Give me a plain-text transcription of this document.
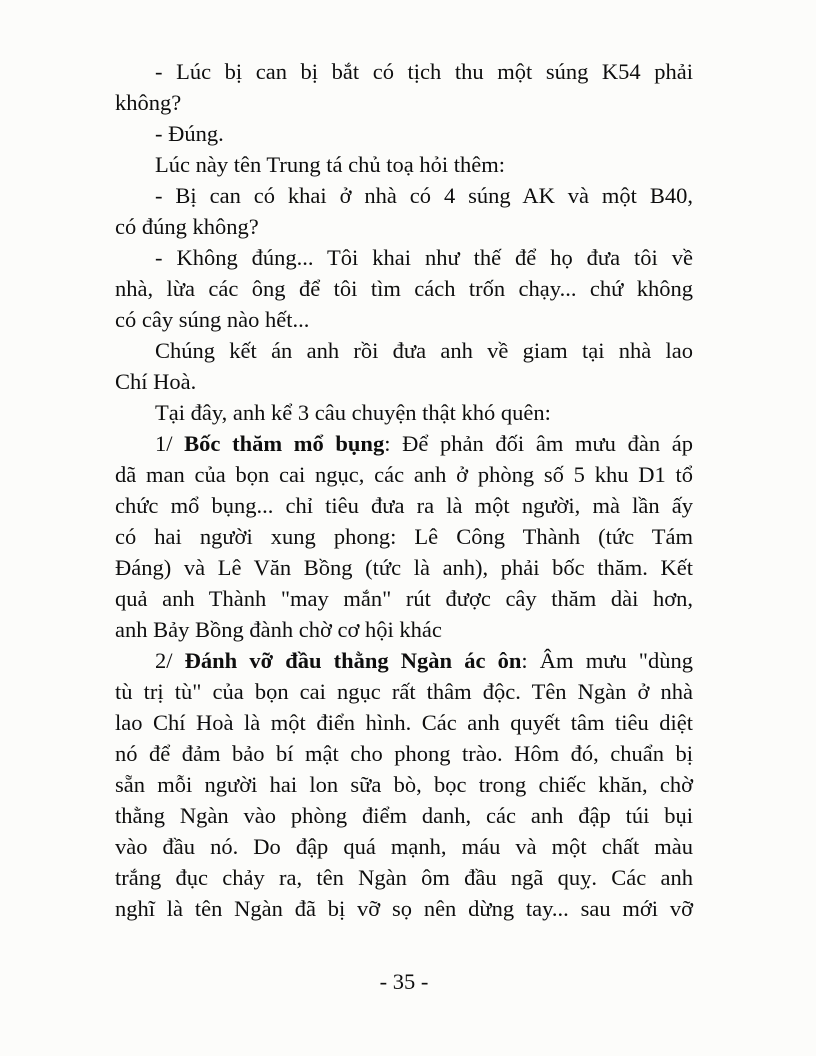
- Lúc bị can bị bắt có tịch thu một súng K54 phải
không?
- Đúng.
Lúc này tên Trung tá chủ toạ hỏi thêm:
- Bị can có khai ở nhà có 4 súng AK và một B40,
có đúng không?
- Không đúng... Tôi khai như thế để họ đưa tôi về
nhà, lừa các ông để tôi tìm cách trốn chạy... chứ không
có cây súng nào hết...
Chúng kết án anh rồi đưa anh về giam tại nhà lao
Chí Hoà.
Tại đây, anh kể 3 câu chuyện thật khó quên:
1/ Bốc thăm mổ bụng: Để phản đối âm mưu đàn áp
dã man của bọn cai ngục, các anh ở phòng số 5 khu D1 tổ
chức mổ bụng... chỉ tiêu đưa ra là một người, mà lần ấy
có hai người xung phong: Lê Công Thành (tức Tám
Đáng) và Lê Văn Bồng (tức là anh), phải bốc thăm. Kết
quả anh Thành "may mắn" rút được cây thăm dài hơn,
anh Bảy Bồng đành chờ cơ hội khác
2/ Đánh vỡ đầu thằng Ngàn ác ôn: Âm mưu "dùng
tù trị tù" của bọn cai ngục rất thâm độc. Tên Ngàn ở nhà
lao Chí Hoà là một điển hình. Các anh quyết tâm tiêu diệt
nó để đảm bảo bí mật cho phong trào. Hôm đó, chuẩn bị
sẵn mỗi người hai lon sữa bò, bọc trong chiếc khăn, chờ
thằng Ngàn vào phòng điểm danh, các anh đập túi bụi
vào đầu nó. Do đập quá mạnh, máu và một chất màu
trắng đục chảy ra, tên Ngàn ôm đầu ngã quỵ. Các anh
nghĩ là tên Ngàn đã bị vỡ sọ nên dừng tay... sau mới vỡ
- 35 -
